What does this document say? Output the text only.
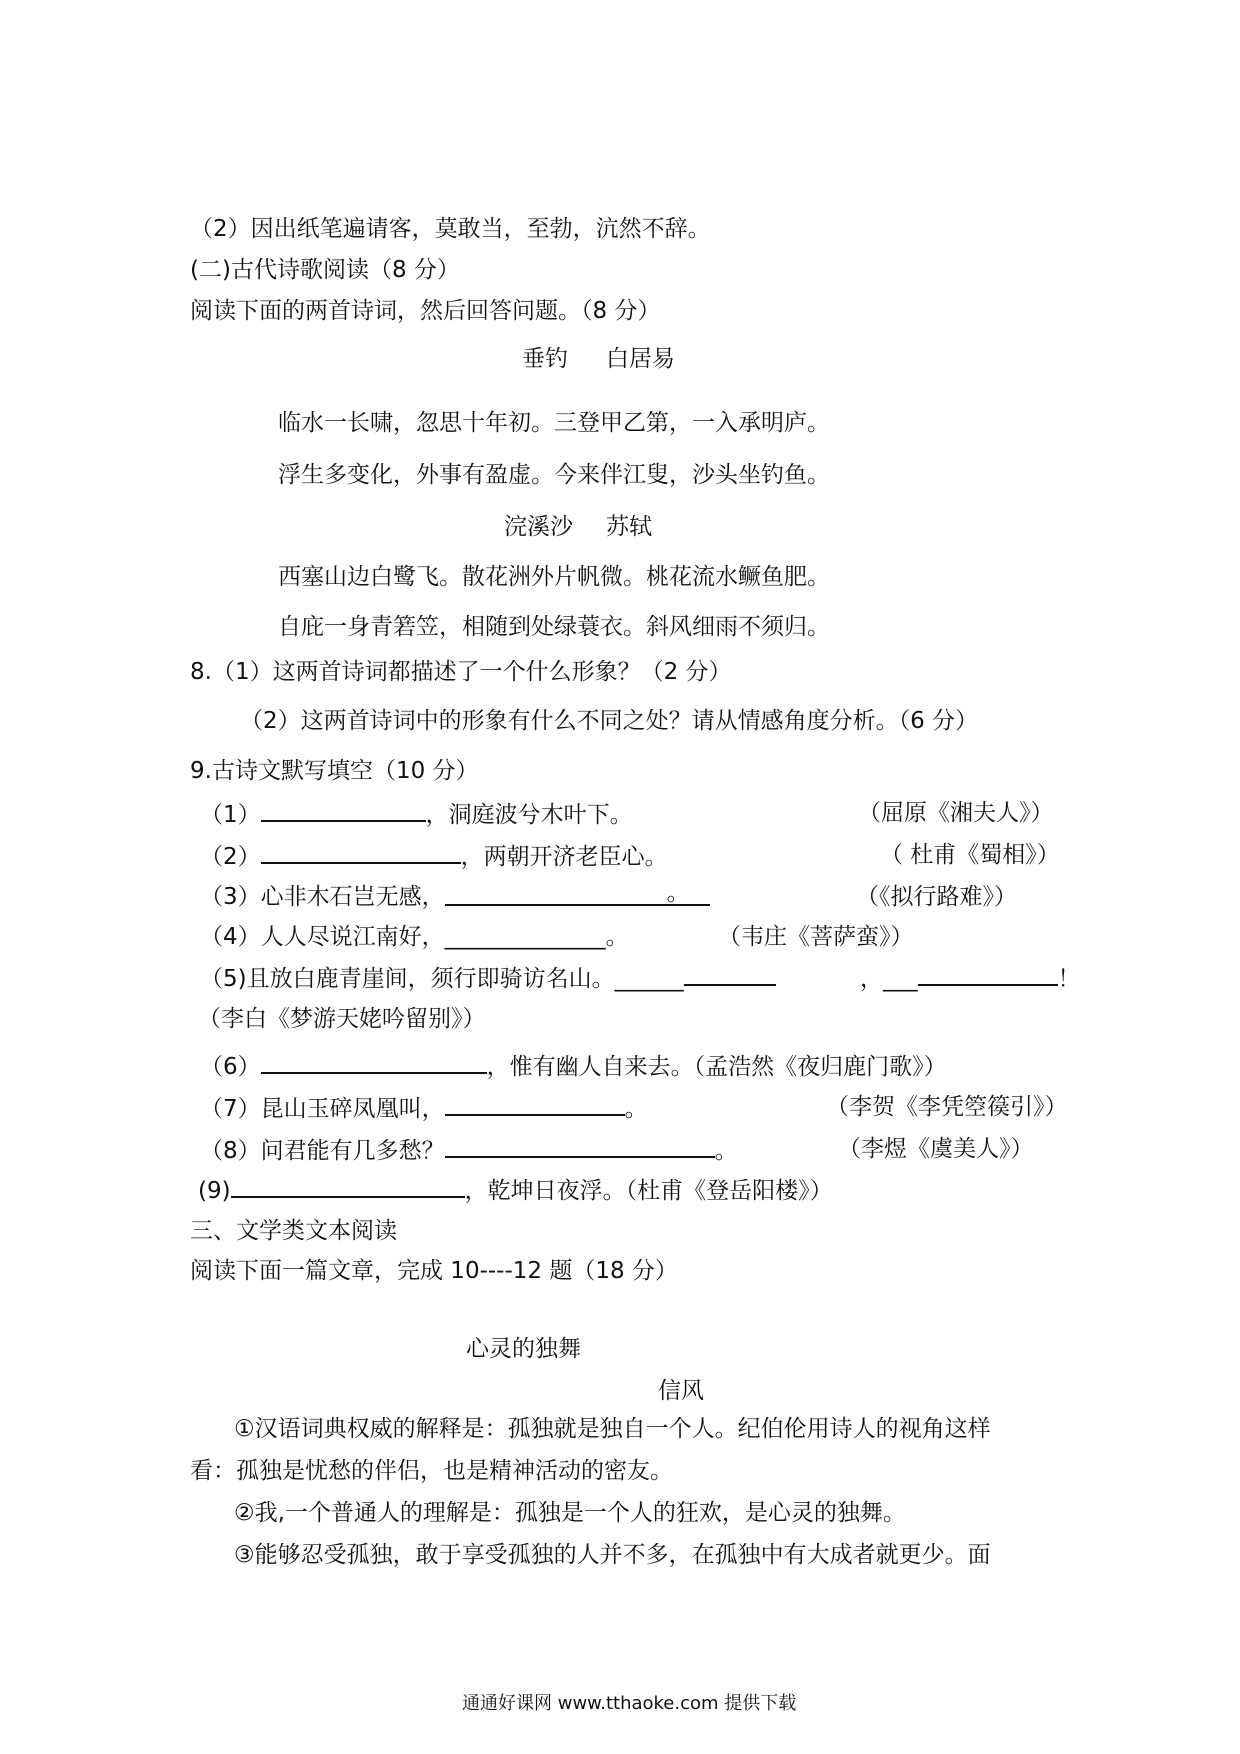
（2）因出纸笔遍请客，莫敢当，至勃，沆然不辞。
(二)古代诗歌阅读（8 分）
阅读下面的两首诗词，然后回答问题。（8 分）
垂钓 白居易
临水一长啸，忽思十年初。三登甲乙第，一入承明庐。
浮生多变化，外事有盈虚。今来伴江叟，沙头坐钓鱼。
浣溪沙 苏轼
西塞山边白鹭飞。散花洲外片帆微。桃花流水鳜鱼肥。
自庇一身青箬笠，相随到处绿蓑衣。斜风细雨不须归。
8.（1）这两首诗词都描述了一个什么形象？（2 分）
（2）这两首诗词中的形象有什么不同之处？请从情感角度分析。（6 分）
9.古诗文默写填空（10 分）
（1）	，洞庭波兮木叶下。	（屈原《湘夫人》）
（2）	，两朝开济老臣心。	（ 杜甫《蜀相》）
（3）心非木石岂无感，	。	（《拟行路难》）
（4）人人尽说江南好，______________。	（韦庄《菩萨蛮》）
（5)且放白鹿青崖间，须行即骑访名山。______	，___	！
（李白《梦游天姥吟留别》）
（6）	，惟有幽人自来去。（孟浩然《夜归鹿门歌》）
（7）昆山玉碎凤凰叫，	。	（李贺《李凭箜篌引》）
（8）问君能有几多愁？	。	（李煜《虞美人》）
(9)	，乾坤日夜浮。（杜甫《登岳阳楼》）
三、文学类文本阅读
阅读下面一篇文章，完成 10----12 题（18 分）
心灵的独舞
信风
①汉语词典权威的解释是：孤独就是独自一个人。纪伯伦用诗人的视角这样
看：孤独是忧愁的伴侣，也是精神活动的密友。
②我,一个普通人的理解是：孤独是一个人的狂欢，是心灵的独舞。
③能够忍受孤独，敢于享受孤独的人并不多，在孤独中有大成者就更少。面
通通好课网 www.tthaoke.com 提供下载
